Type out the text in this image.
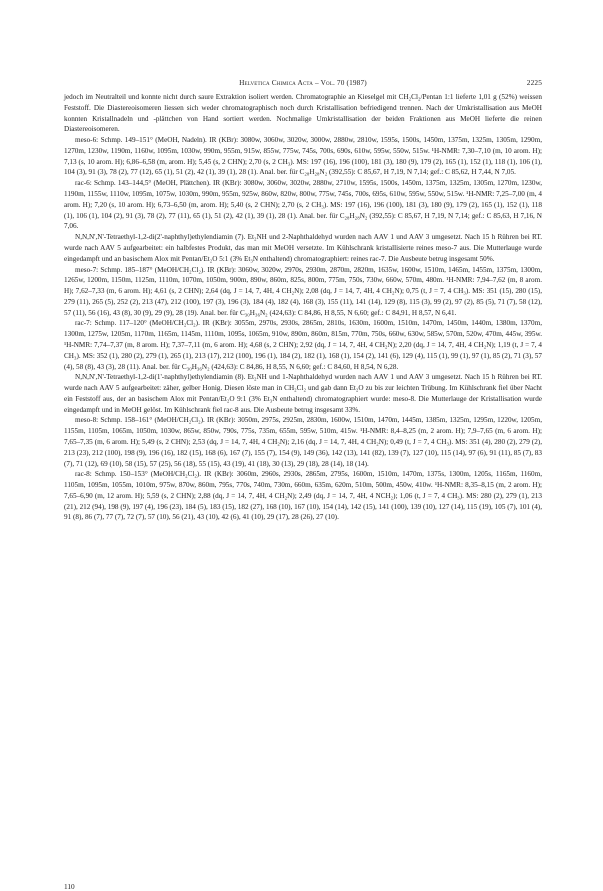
Helvetica Chimica Acta – Vol. 70 (1987)	2225

jedoch im Neutralteil und konnte nicht durch saure Extraktion isoliert werden. Chromatographie an Kieselgel mit CH₂Cl₂/Pentan 1:1 lieferte 1,01 g (52%) weissen Feststoff. Die Diastereoisomeren liessen sich weder chromatographisch noch durch Kristallisation befriedigend trennen. Nach der Umkristallisation aus MeOH konnten Kristallnadeln und -plättchen von Hand sortiert werden. Nochmalige Umkristallisation der beiden Fraktionen aus MeOH lieferte die reinen Diastereoisomeren.

meso-6: Schmp. 149–151° (MeOH, Nadeln). IR (KBr): 3080w, 3060w, 3020w, 3000w, 2880w, 2810w, 1595s, 1500s, 1450m, 1375m, 1325m, 1305m, 1290m, 1270m, 1230w, 1190m, 1160w, 1095m, 1030w, 990m, 955m, 915w, 855w, 775w, 745s, 700s, 690s, 610w, 595w, 550w, 515w. ¹H-NMR: 7,30–7,10 (m, 10 arom. H); 7,13 (s, 10 arom. H); 6,86–6,58 (m, arom. H); 5,45 (s, 2 CHN); 2,70 (s, 2 CH₃). MS: 197 (16), 196 (100), 181 (3), 180 (9), 179 (2), 165 (1), 152 (1), 118 (1), 106 (1), 104 (3), 91 (3), 78 (2), 77 (12), 65 (1), 51 (2), 42 (1), 39 (1), 28 (1). Anal. ber. für C₂₈H₂₈N₂ (392,55): C 85,67, H 7,19, N 7,14; gef.: C 85,62, H 7,44, N 7,05.

rac-6: Schmp. 143–144,5° (MeOH, Plättchen). IR (KBr): 3080w, 3060w, 3020w, 2880w, 2710w, 1595s, 1500s, 1450m, 1375m, 1325m, 1305m, 1270m, 1230w, 1190m, 1155w, 1110w, 1095m, 1075w, 1030m, 990m, 955m, 925w, 860w, 820w, 800w, 775w, 745s, 700s, 695s, 610w, 595w, 550w, 515w. ¹H-NMR: 7,25–7,00 (m, 4 arom. H); 7,20 (s, 10 arom. H); 6,73–6,50 (m, arom. H); 5,40 (s, 2 CHN); 2,70 (s, 2 CH₃). MS: 197 (16), 196 (100), 181 (3), 180 (9), 179 (2), 165 (1), 152 (1), 118 (1), 106 (1), 104 (2), 91 (3), 78 (2), 77 (11), 65 (1), 51 (2), 42 (1), 39 (1), 28 (1). Anal. ber. für C₂₈H₂₈N₂ (392,55): C 85,67, H 7,19, N 7,14; gef.: C 85,63, H 7,16, N 7,06.

N,N,N',N'-Tetraethyl-1,2-di(2'-naphthyl)ethylendiamin (7). Et₂NH und 2-Naphthaldehyd wurden nach AAV 1 und AAV 3 umgesetzt. Nach 15 h Rühren bei RT. wurde nach AAV 5 aufgearbeitet: ein halbfestes Produkt, das man mit MeOH versetzte. Im Kühlschrank kristallisierte reines meso-7 aus. Die Mutterlauge wurde eingedampft und an basischem Alox mit Pentan/Et₂O 5:1 (3% Et₃N enthaltend) chromatographiert: reines rac-7. Die Ausbeute betrug insgesamt 50%.

meso-7: Schmp. 185–187° (MeOH/CH₂Cl₂). IR (KBr): 3060w, 3020w, 2970s, 2930m, 2870m, 2820m, 1635w, 1600w, 1510m, 1465m, 1455m, 1375m, 1300m, 1265w, 1200m, 1150m, 1125m, 1110m, 1070m, 1050m, 900m, 890w, 860m, 825s, 800m, 775m, 750s, 730w, 660w, 570m, 480m. ¹H-NMR: 7,94–7,62 (m, 8 arom. H); 7,62–7,33 (m, 6 arom. H); 4,61 (s, 2 CHN); 2,64 (dq, J = 14, 7, 4H, 4 CH₂N); 2,08 (dq, J = 14, 7, 4H, 4 CH₂N); 0,75 (t, J = 7, 4 CH₃). MS: 351 (15), 280 (15), 279 (11), 265 (5), 252 (2), 213 (47), 212 (100), 197 (3), 196 (3), 184 (4), 182 (4), 168 (3), 155 (11), 141 (14), 129 (8), 115 (3), 99 (2), 97 (2), 85 (5), 71 (7), 58 (12), 57 (11), 56 (16), 43 (8), 30 (9), 29 (9), 28 (19). Anal. ber. für C₃₀H₃₆N₂ (424,63): C 84,86, H 8,55, N 6,60; gef.: C 84,91, H 8,57, N 6,41.

rac-7: Schmp. 117–120° (MeOH/CH₂Cl₂). IR (KBr): 3055m, 2970s, 2930s, 2865m, 2810s, 1630m, 1600m, 1510m, 1470m, 1450m, 1440m, 1380m, 1370m, 1300m, 1275w, 1205m, 1170m, 1165m, 1145m, 1110m, 1095s, 1065m, 910w, 890m, 860m, 815m, 770m, 750s, 660w, 630w, 585w, 570m, 520w, 470m, 445w, 395w. ¹H-NMR: 7,74–7,37 (m, 8 arom. H); 7,37–7,11 (m, 6 arom. H); 4,68 (s, 2 CHN); 2,92 (dq, J = 14, 7, 4H, 4 CH₂N); 2,20 (dq, J = 14, 7, 4H, 4 CH₂N); 1,19 (t, J = 7, 4 CH₃). MS: 352 (1), 280 (2), 279 (1), 265 (1), 213 (17), 212 (100), 196 (1), 184 (2), 182 (1), 168 (1), 154 (2), 141 (6), 129 (4), 115 (1), 99 (1), 97 (1), 85 (2), 71 (3), 57 (4), 58 (8), 43 (3), 28 (11). Anal. ber. für C₃₀H₃₆N₂ (424,63): C 84,86, H 8,55, N 6,60; gef.: C 84,60, H 8,54, N 6,28.

N,N,N',N'-Tetraethyl-1,2-di(1'-naphthyl)ethylendiamin (8). Et₂NH und 1-Naphthaldehyd wurden nach AAV 1 und AAV 3 umgesetzt. Nach 15 h Rühren bei RT. wurde nach AAV 5 aufgearbeitet: zäher, gelber Honig. Diesen löste man in CH₂Cl₂ und gab dann Et₂O zu bis zur leichten Trübung. Im Kühlschrank fiel über Nacht ein Feststoff aus, der an basischem Alox mit Pentan/Et₂O 9:1 (3% Et₃N enthaltend) chromatographiert wurde: meso-8. Die Mutterlauge der Kristallisation wurde eingedampft und in MeOH gelöst. Im Kühlschrank fiel rac-8 aus. Die Ausbeute betrug insgesamt 33%.

meso-8: Schmp. 158–161° (MeOH/CH₂Cl₂). IR (KBr): 3050m, 2975s, 2925m, 2830m, 1600w, 1510m, 1470m, 1445m, 1385m, 1325m, 1295m, 1220w, 1205m, 1155m, 1105m, 1065m, 1050m, 1030w, 865w, 850w, 790s, 775s, 735m, 655m, 595w, 510m, 415w. ¹H-NMR: 8,4–8,25 (m, 2 arom. H); 7,9–7,65 (m, 6 arom. H); 7,65–7,35 (m, 6 arom. H); 5,49 (s, 2 CHN); 2,53 (dq, J = 14, 7, 4H, 4 CH₂N); 2,16 (dq, J = 14, 7, 4H, 4 CH₂N); 0,49 (t, J = 7, 4 CH₃). MS: 351 (4), 280 (2), 279 (2), 213 (23), 212 (100), 198 (9), 196 (16), 182 (15), 168 (6), 167 (7), 155 (7), 154 (9), 149 (36), 142 (13), 141 (82), 139 (7), 127 (10), 115 (14), 97 (6), 91 (11), 85 (7), 83 (7), 71 (12), 69 (10), 58 (15), 57 (25), 56 (18), 55 (15), 43 (19), 41 (18), 30 (13), 29 (18), 28 (14), 18 (14).

rac-8: Schmp. 150–153° (MeOH/CH₂Cl₂). IR (KBr): 3060m, 2960s, 2930s, 2865m, 2795s, 1600m, 1510m, 1470m, 1375s, 1300m, 1205s, 1165m, 1160m, 1105m, 1095m, 1055m, 1010m, 975w, 870w, 860m, 795s, 770s, 740m, 730m, 660m, 635m, 620m, 510m, 500m, 450w, 410w. ¹H-NMR: 8,35–8,15 (m, 2 arom. H); 7,65–6,90 (m, 12 arom. H); 5,59 (s, 2 CHN); 2,88 (dq, J = 14, 7, 4H, 4 CH₂N); 2,49 (dq, J = 14, 7, 4H, 4 NCH₂); 1,06 (t, J = 7, 4 CH₃). MS: 280 (2), 279 (1), 213 (21), 212 (94), 198 (9), 197 (4), 196 (23), 184 (5), 183 (15), 182 (27), 168 (10), 167 (10), 154 (14), 142 (15), 141 (100), 139 (10), 127 (14), 115 (19), 105 (7), 101 (4), 91 (8), 86 (7), 77 (7), 72 (7), 57 (10), 56 (21), 43 (10), 42 (6), 41 (10), 29 (17), 28 (26), 27 (10).

110
